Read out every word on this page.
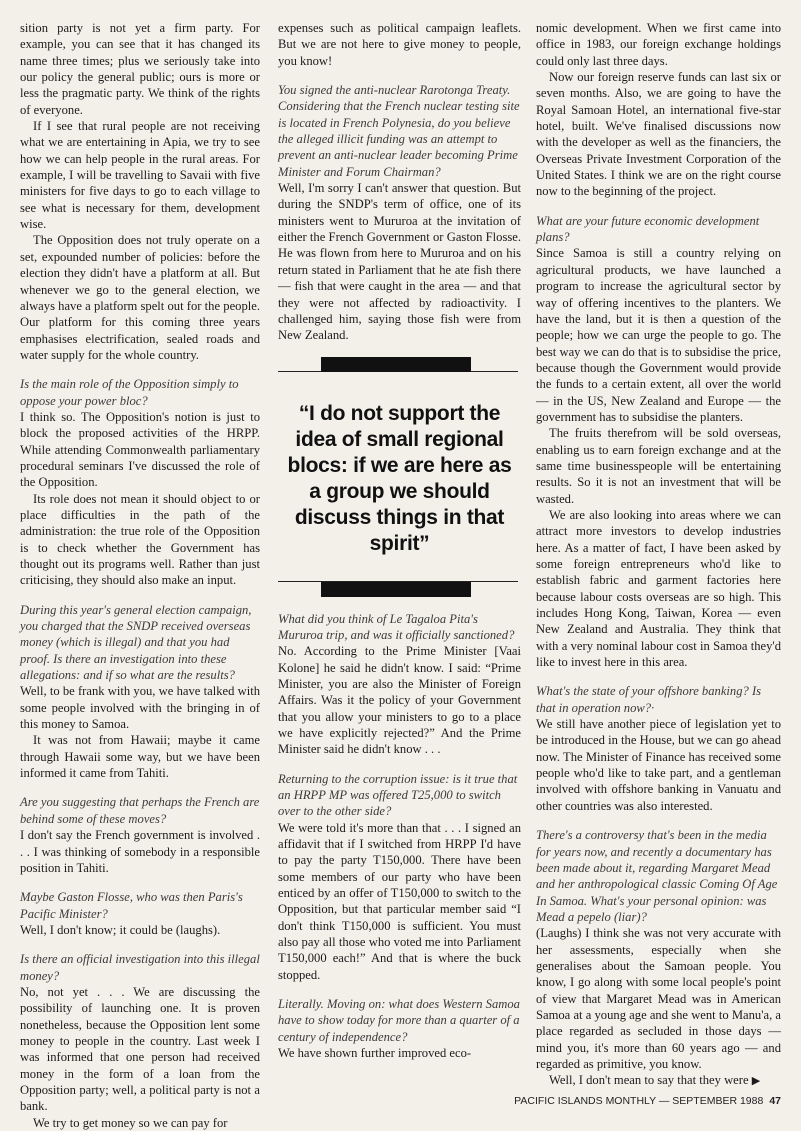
sition party is not yet a firm party. For example, you can see that it has changed its name three times; plus we seriously take into our policy the general public; ours is more or less the pragmatic party. We think of the rights of everyone.

If I see that rural people are not receiving what we are entertaining in Apia, we try to see how we can help people in the rural areas. For example, I will be travelling to Savaii with five ministers for five days to go to each village to see what is necessary for them, development wise.

The Opposition does not truly operate on a set, expounded number of policies: before the election they didn't have a platform at all. But whenever we go to the general election, we always have a platform spelt out for the people. Our platform for this coming three years emphasises electrification, sealed roads and water supply for the whole country.

Is the main role of the Opposition simply to oppose your power bloc?

I think so. The Opposition's notion is just to block the proposed activities of the HRPP. While attending Commonwealth parliamentary procedural seminars I've discussed the role of the Opposition.

Its role does not mean it should object to or place difficulties in the path of the administration: the true role of the Opposition is to check whether the Government has thought out its programs well. Rather than just criticising, they should also make an input.

During this year's general election campaign, you charged that the SNDP received overseas money (which is illegal) and that you had proof. Is there an investigation into these allegations: and if so what are the results?

Well, to be frank with you, we have talked with some people involved with the bringing in of this money to Samoa.

It was not from Hawaii; maybe it came through Hawaii some way, but we have been informed it came from Tahiti.

Are you suggesting that perhaps the French are behind some of these moves?

I don't say the French government is involved . . . I was thinking of somebody in a responsible position in Tahiti.

Maybe Gaston Flosse, who was then Paris's Pacific Minister?

Well, I don't know; it could be (laughs).

Is there an official investigation into this illegal money?

No, not yet . . . We are discussing the possibility of launching one. It is proven nonetheless, because the Opposition lent some money to people in the country. Last week I was informed that one person had received money in the form of a loan from the Opposition party; well, a political party is not a bank.

We try to get money so we can pay for

expenses such as political campaign leaflets. But we are not here to give money to people, you know!

You signed the anti-nuclear Rarotonga Treaty. Considering that the French nuclear testing site is located in French Polynesia, do you believe the alleged illicit funding was an attempt to prevent an anti-nuclear leader becoming Prime Minister and Forum Chairman?

Well, I'm sorry I can't answer that question. But during the SNDP's term of office, one of its ministers went to Mururoa at the invitation of either the French Government or Gaston Flosse. He was flown from here to Mururoa and on his return stated in Parliament that he ate fish there — fish that were caught in the area — and that they were not affected by radioactivity. I challenged him, saying those fish were from New Zealand.

“I do not support the idea of small regional blocs: if we are here as a group we should discuss things in that spirit”

What did you think of Le Tagaloa Pita's Mururoa trip, and was it officially sanctioned?

No. According to the Prime Minister [Vaai Kolone] he said he didn't know. I said: “Prime Minister, you are also the Minister of Foreign Affairs. Was it the policy of your Government that you allow your ministers to go to a place we have explicitly rejected?” And the Prime Minister said he didn't know . . .

Returning to the corruption issue: is it true that an HRPP MP was offered T25,000 to switch over to the other side?

We were told it's more than that . . . I signed an affidavit that if I switched from HRPP I'd have to pay the party T150,000. There have been some members of our party who have been enticed by an offer of T150,000 to switch to the Opposition, but that particular member said “I don't think T150,000 is sufficient. You must also pay all those who voted me into Parliament T150,000 each!” And that is where the buck stopped.

Literally. Moving on: what does Western Samoa have to show today for more than a quarter of a century of independence?

We have shown further improved eco-

nomic development. When we first came into office in 1983, our foreign exchange holdings could only last three days.

Now our foreign reserve funds can last six or seven months. Also, we are going to have the Royal Samoan Hotel, an international five-star hotel, built. We've finalised discussions now with the developer as well as the financiers, the Overseas Private Investment Corporation of the United States. I think we are on the right course now to the beginning of the project.

What are your future economic development plans?

Since Samoa is still a country relying on agricultural products, we have launched a program to increase the agricultural sector by way of offering incentives to the planters. We have the land, but it is then a question of the people; how we can urge the people to go. The best way we can do that is to subsidise the price, because though the Government would provide the funds to a certain extent, all over the world — in the US, New Zealand and Europe — the government has to subsidise the planters.

The fruits therefrom will be sold overseas, enabling us to earn foreign exchange and at the same time businesspeople will be entertaining results. So it is not an investment that will be wasted.

We are also looking into areas where we can attract more investors to develop industries here. As a matter of fact, I have been asked by some foreign entrepreneurs who'd like to establish fabric and garment factories here because labour costs overseas are so high. This includes Hong Kong, Taiwan, Korea — even New Zealand and Australia. They think that with a very nominal labour cost in Samoa they'd like to invest here in this area.

What's the state of your offshore banking? Is that in operation now?·

We still have another piece of legislation yet to be introduced in the House, but we can go ahead now. The Minister of Finance has received some people who'd like to take part, and a gentleman involved with offshore banking in Vanuatu and other countries was also interested.

There's a controversy that's been in the media for years now, and recently a documentary has been made about it, regarding Margaret Mead and her anthropological classic Coming Of Age In Samoa. What's your personal opinion: was Mead a pepelo (liar)?

(Laughs) I think she was not very accurate with her assessments, especially when she generalises about the Samoan people. You know, I go along with some local people's point of view that Margaret Mead was in American Samoa at a young age and she went to Manu'a, a place regarded as secluded in those days — mind you, it's more than 60 years ago — and regarded as primitive, you know.

Well, I don't mean to say that they were ▶

PACIFIC ISLANDS MONTHLY — SEPTEMBER 1988 47
